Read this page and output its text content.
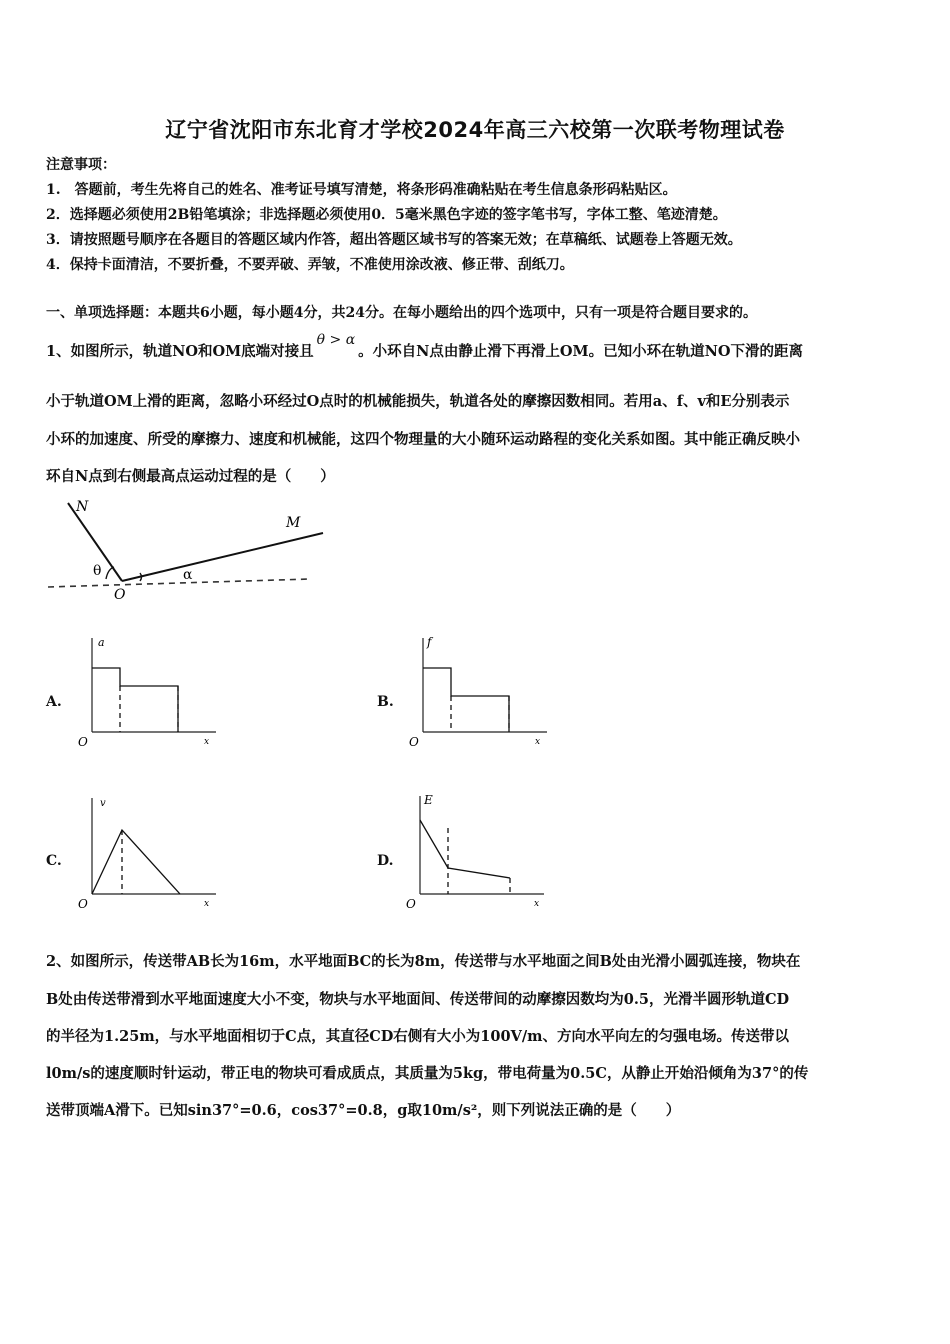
辽宁省沈阳市东北育才学校2024年高三六校第一次联考物理试卷
注意事项：
1.　答题前，考生先将自己的姓名、准考证号填写清楚，将条形码准确粘贴在考生信息条形码粘贴区。
2．选择题必须使用2B铅笔填涂；非选择题必须使用0．5毫米黑色字迹的签字笔书写，字体工整、笔迹清楚。
3．请按照题号顺序在各题目的答题区域内作答，超出答题区域书写的答案无效；在草稿纸、试题卷上答题无效。
4．保持卡面清洁，不要折叠，不要弄破、弄皱，不准使用涂改液、修正带、刮纸刀。
一、单项选择题：本题共6小题，每小题4分，共24分。在每小题给出的四个选项中，只有一项是符合题目要求的。
1、如图所示，轨道NO和OM底端对接且θ > α。小环自N点由静止滑下再滑上OM。已知小环在轨道NO下滑的距离
小于轨道OM上滑的距离，忽略小环经过O点时的机械能损失，轨道各处的摩擦因数相同。若用a、f、v和E分别表示
小环的加速度、所受的摩擦力、速度和机械能，这四个物理量的大小随环运动路程的变化关系如图。其中能正确反映小
环自N点到右侧最高点运动过程的是（　　）
N
M
O
θ	α
A.
a
O	x
B.
f
O	x
C.
v
O	x
D.
E
O	x
2、如图所示，传送带AB长为16m，水平地面BC的长为8m，传送带与水平地面之间B处由光滑小圆弧连接，物块在
B处由传送带滑到水平地面速度大小不变，物块与水平地面间、传送带间的动摩擦因数均为0.5，光滑半圆形轨道CD
的半径为1.25m，与水平地面相切于C点，其直径CD右侧有大小为100V/m、方向水平向左的匀强电场。传送带以
l0m/s的速度顺时针运动，带正电的物块可看成质点，其质量为5kg，带电荷量为0.5C，从静止开始沿倾角为37°的传
送带顶端A滑下。已知sin37°=0.6，cos37°=0.8，g取10m/s²，则下列说法正确的是（　　）
